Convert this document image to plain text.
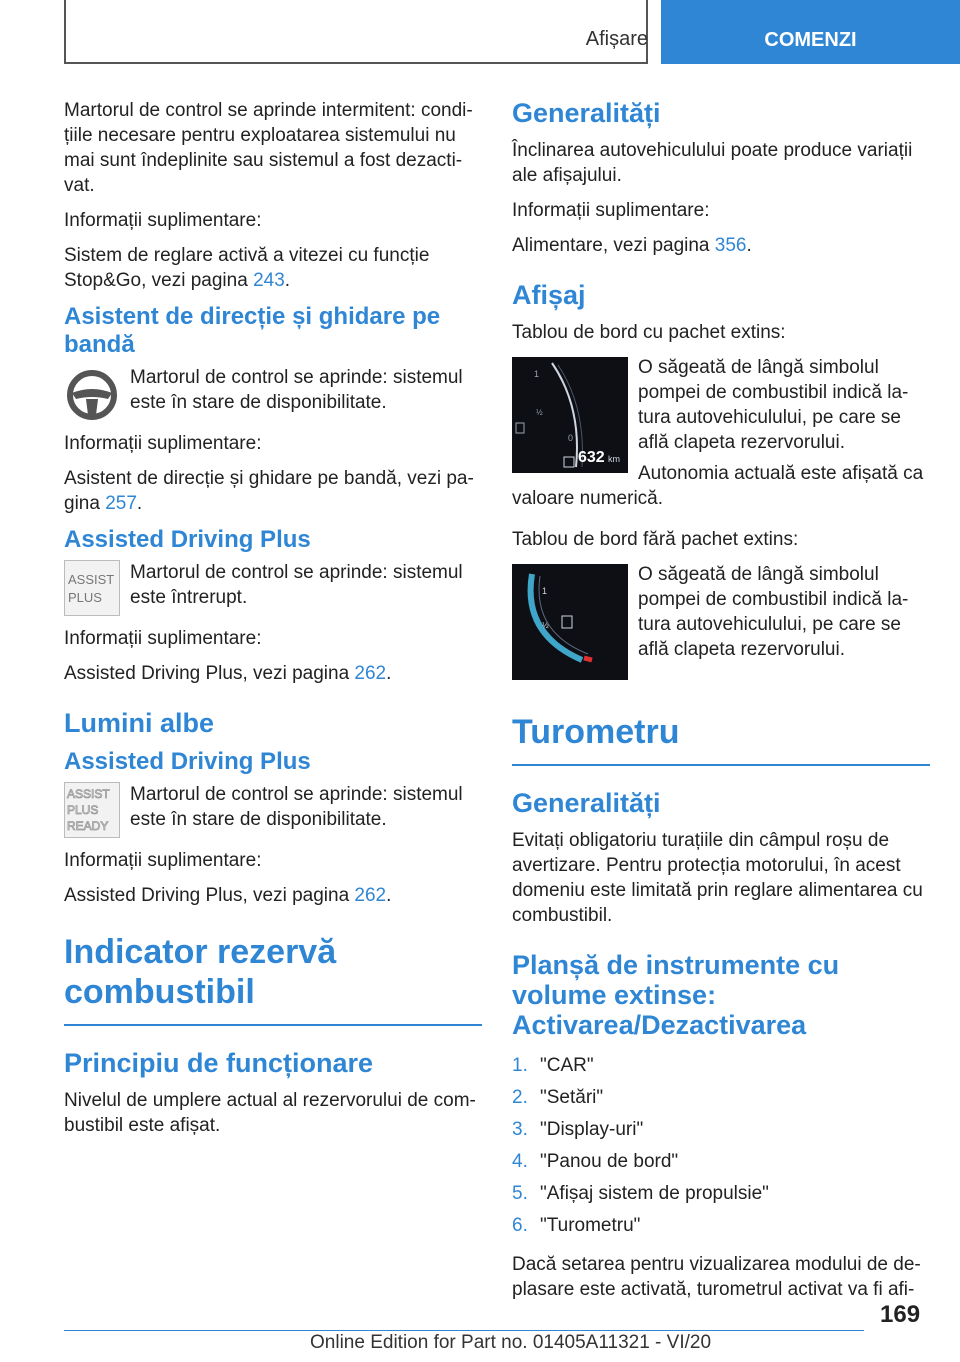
Afișare	COMENZI

Martorul de control se aprinde intermitent: condi-țiile necesare pentru exploatarea sistemului nu mai sunt îndeplinite sau sistemul a fost dezacti-vat.

Informații suplimentare:

Sistem de reglare activă a vitezei cu funcție Stop&Go, vezi pagina 243.

Asistent de direcție și ghidare pe bandă

Martorul de control se aprinde: sistemul este în stare de disponibilitate.

Informații suplimentare:

Asistent de direcție și ghidare pe bandă, vezi pa-gina 257.

Assisted Driving Plus
ASSIST
PLUS

Martorul de control se aprinde: sistemul este întrerupt.

Informații suplimentare:

Assisted Driving Plus, vezi pagina 262.

Lumini albe
Assisted Driving Plus
ASSIST
PLUS
READY

Martorul de control se aprinde: sistemul este în stare de disponibilitate.

Informații suplimentare:

Assisted Driving Plus, vezi pagina 262.

Indicator rezervă combustibil
Principiu de funcționare

Nivelul de umplere actual al rezervorului de com-bustibil este afișat.

Generalități

Înclinarea autovehiculului poate produce variații ale afișajului.

Informații suplimentare:

Alimentare, vezi pagina 356.

Afișaj

Tablou de bord cu pachet extins:

1
½
0
632 km

O săgeată de lângă simbolul pompei de combustibil indică la-tura autovehiculului, pe care se află clapeta rezervorului.

Autonomia actuală este afișată ca valoare numerică.

Tablou de bord fără pachet extins:

1
½

O săgeată de lângă simbolul pompei de combustibil indică la-tura autovehiculului, pe care se află clapeta rezervorului.

Turometru
Generalități

Evitați obligatoriu turațiile din câmpul roșu de avertizare. Pentru protecția motorului, în acest domeniu este limitată prin reglare alimentarea cu combustibil.

Planșă de instrumente cu volume extinse: Activarea/Dezactivarea
1. "CAR"
2. "Setări"
3. "Display-uri"
4. "Panou de bord"
5. "Afișaj sistem de propulsie"
6. "Turometru"

Dacă setarea pentru vizualizarea modului de de-plasare este activată, turometrul activat va fi afi-

169
Online Edition for Part no. 01405A11321 - VI/20
